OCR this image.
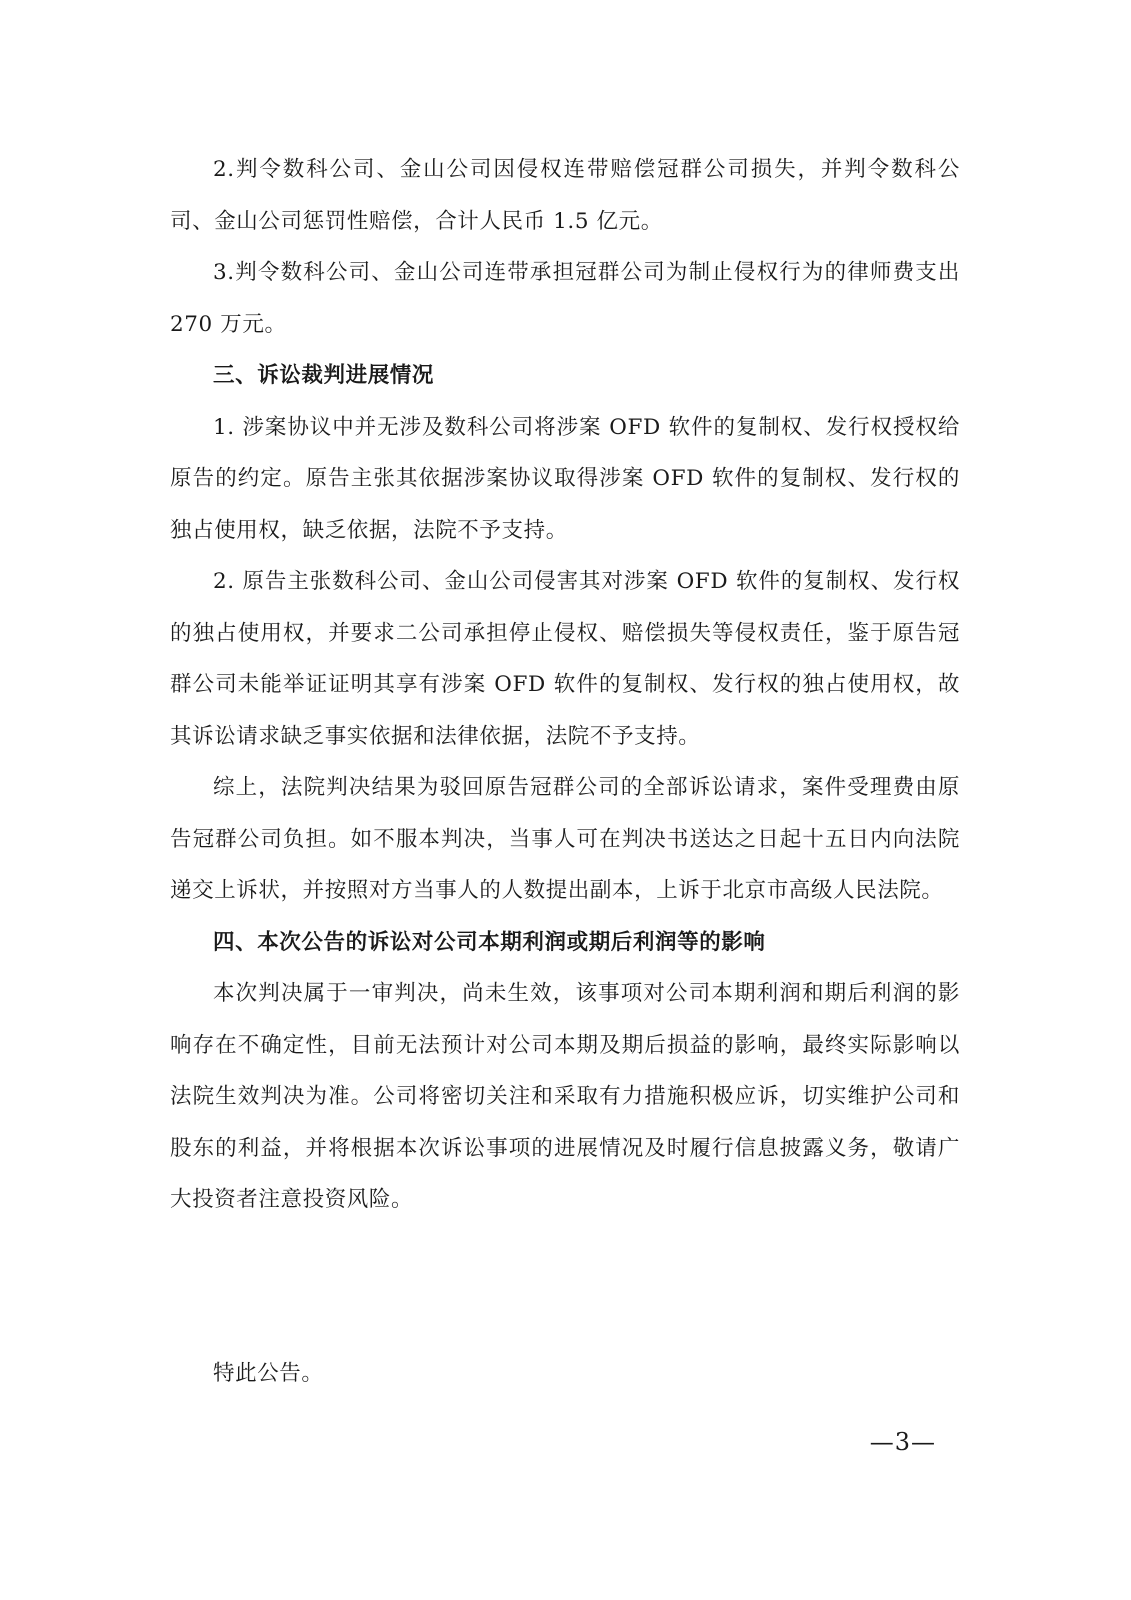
2.判令数科公司、金山公司因侵权连带赔偿冠群公司损失，并判令数科公司、金山公司惩罚性赔偿，合计人民币 1.5 亿元。

3.判令数科公司、金山公司连带承担冠群公司为制止侵权行为的律师费支出 270 万元。

三、诉讼裁判进展情况

1. 涉案协议中并无涉及数科公司将涉案 OFD 软件的复制权、发行权授权给原告的约定。原告主张其依据涉案协议取得涉案 OFD 软件的复制权、发行权的独占使用权，缺乏依据，法院不予支持。

2. 原告主张数科公司、金山公司侵害其对涉案 OFD 软件的复制权、发行权的独占使用权，并要求二公司承担停止侵权、赔偿损失等侵权责任，鉴于原告冠群公司未能举证证明其享有涉案 OFD 软件的复制权、发行权的独占使用权，故其诉讼请求缺乏事实依据和法律依据，法院不予支持。

综上，法院判决结果为驳回原告冠群公司的全部诉讼请求，案件受理费由原告冠群公司负担。如不服本判决，当事人可在判决书送达之日起十五日内向法院递交上诉状，并按照对方当事人的人数提出副本，上诉于北京市高级人民法院。

四、本次公告的诉讼对公司本期利润或期后利润等的影响

本次判决属于一审判决，尚未生效，该事项对公司本期利润和期后利润的影响存在不确定性，目前无法预计对公司本期及期后损益的影响，最终实际影响以法院生效判决为准。公司将密切关注和采取有力措施积极应诉，切实维护公司和股东的利益，并将根据本次诉讼事项的进展情况及时履行信息披露义务，敬请广大投资者注意投资风险。

特此公告。
—3—
